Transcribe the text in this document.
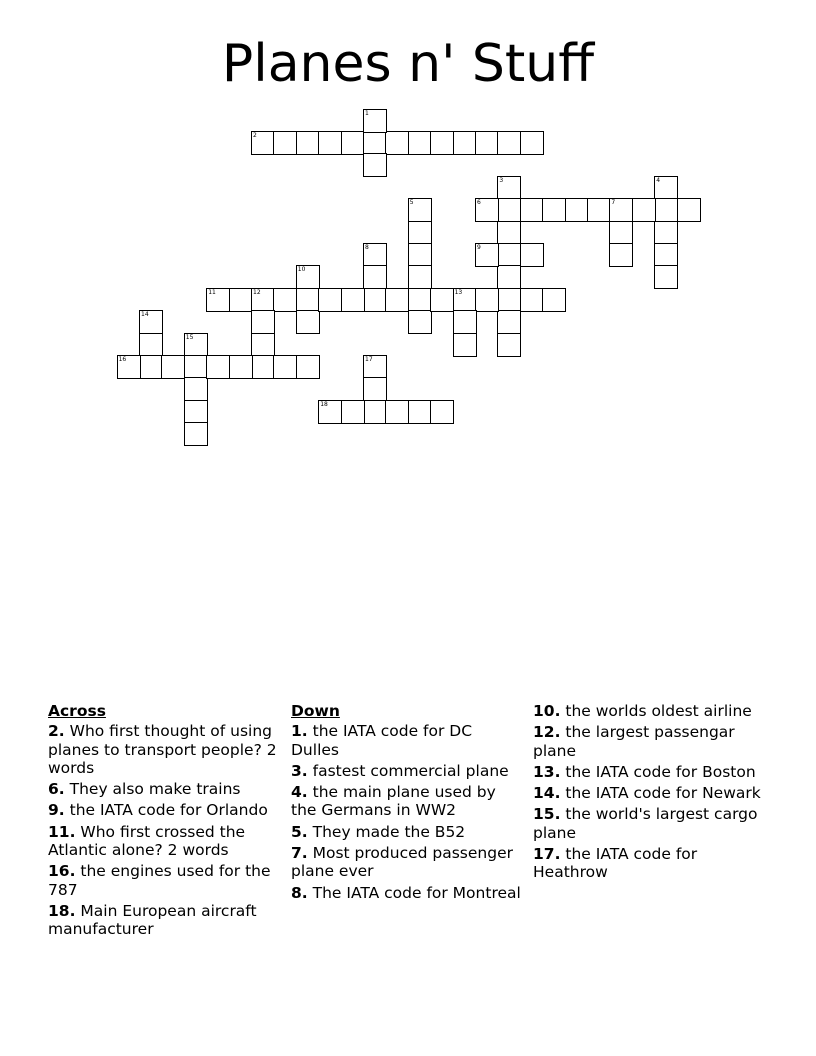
Planes n' Stuff
2
1
3	4
5	6	7
8	9
10
11	12	13
14
15
16	17
18
Across
2. Who first thought of using planes to transport people? 2 words
6. They also make trains
9. the IATA code for Orlando
11. Who first crossed the Atlantic alone? 2 words
16. the engines used for the 787
18. Main European aircraft manufacturer
Down
1. the IATA code for DC Dulles
3. fastest commercial plane
4. the main plane used by the Germans in WW2
5. They made the B52
7. Most produced passenger plane ever
8. The IATA code for Montreal
10. the worlds oldest airline
12. the largest passengar plane
13. the IATA code for Boston
14. the IATA code for Newark
15. the world's largest cargo plane
17. the IATA code for Heathrow
